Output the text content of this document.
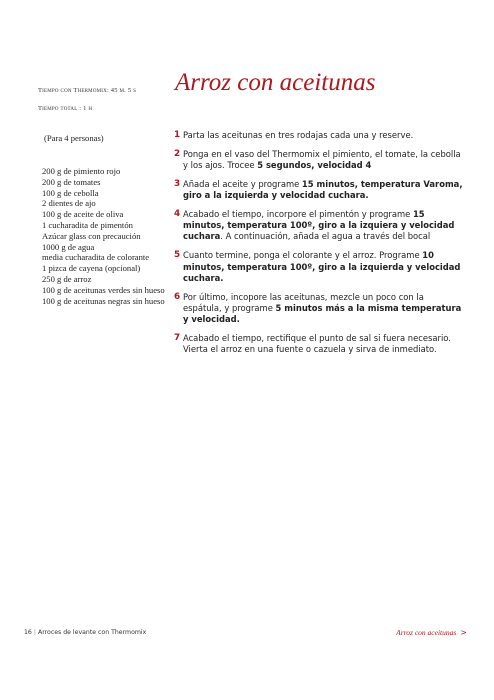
Tiempo con Thermomix: 45 m. 5 s
Tiempo total : 1 h
Arroz con aceitunas
(Para 4 personas)
200 g de pimiento rojo
200 g de tomates
100 g de cebolla
2 dientes de ajo
100 g de aceite de oliva
1 cucharadita de pimentón
Azúcar glass con precaución
1000 g de agua
media cucharadita de colorante
1 pizca de cayena (opcional)
250 g de arroz
100 g de aceitunas verdes sin hueso
100 g de aceitunas negras sin hueso
1 Parta las aceitunas en tres rodajas cada una y reserve.
2 Ponga en el vaso del Thermomix el pimiento, el tomate, la cebolla y los ajos. Trocee 5 segundos, velocidad 4
3 Añada el aceite y programe 15 minutos, temperatura Varoma, giro a la izquierda y velocidad cuchara.
4 Acabado el tiempo, incorpore el pimentón y programe 15 minutos, temperatura 100º, giro a la izquiera y velocidad cuchara. A continuación, añada el agua a través del bocal
5 Cuanto termine, ponga el colorante y el arroz. Programe 10 minutos, temperatura 100º, giro a la izquierda y velocidad cuchara.
6 Por último, incopore las aceitunas, mezcle un poco con la espátula, y programe 5 minutos más a la misma temperatura y velocidad.
7 Acabado el tiempo, rectifique el punto de sal si fuera necesario. Vierta el arroz en una fuente o cazuela y sirva de inmediato.
16 | Arroces de levante con Thermomix	Arroz con aceitunas >
